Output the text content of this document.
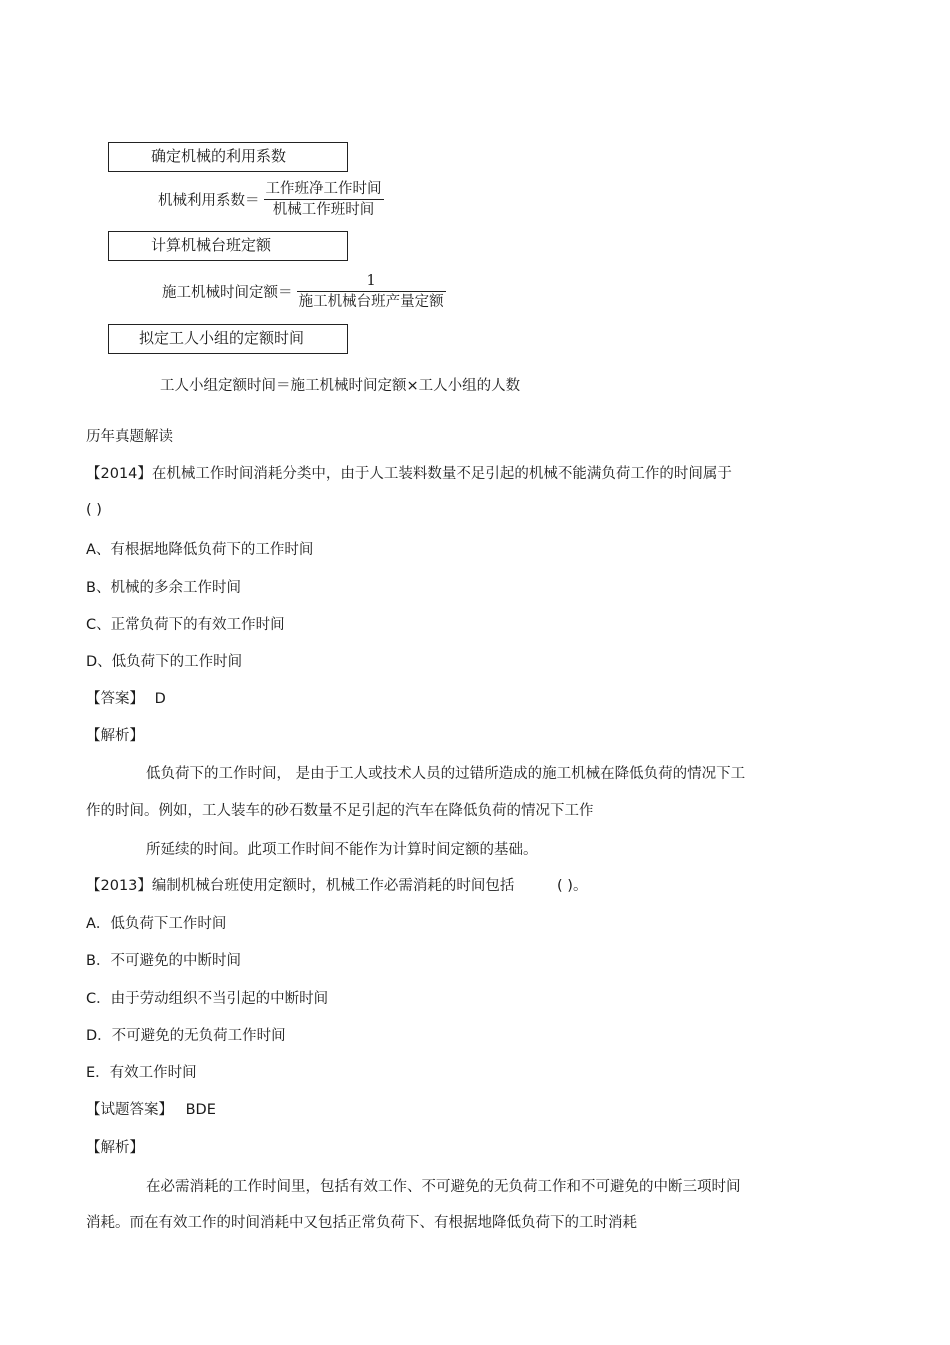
确定机械的利用系数
机械利用系数＝ $\frac{\text{工作班净工作时间}}{\text{机械工作班时间}}$
计算机械台班定额
施工机械时间定额＝ $\frac{1}{\text{施工机械台班产量定额}}$
拟定工人小组的定额时间
工人小组定额时间＝施工机械时间定额×工人小组的人数
历年真题解读
【2014】在机械工作时间消耗分类中，由于人工装料数量不足引起的机械不能满负荷工作的时间属于
( )
A、有根据地降低负荷下的工作时间
B、机械的多余工作时间
C、正常负荷下的有效工作时间
D、低负荷下的工作时间
【答案】 D
【解析】
低负荷下的工作时间， 是由于工人或技术人员的过错所造成的施工机械在降低负荷的情况下工
作的时间。例如，工人装车的砂石数量不足引起的汽车在降低负荷的情况下工作
所延续的时间。此项工作时间不能作为计算时间定额的基础。
【2013】编制机械台班使用定额时，机械工作必需消耗的时间包括	( )。
A．低负荷下工作时间
B．不可避免的中断时间
C．由于劳动组织不当引起的中断时间
D．不可避免的无负荷工作时间
E．有效工作时间
【试题答案】 BDE
【解析】
在必需消耗的工作时间里，包括有效工作、不可避免的无负荷工作和不可避免的中断三项时间
消耗。而在有效工作的时间消耗中又包括正常负荷下、有根据地降低负荷下的工时消耗
